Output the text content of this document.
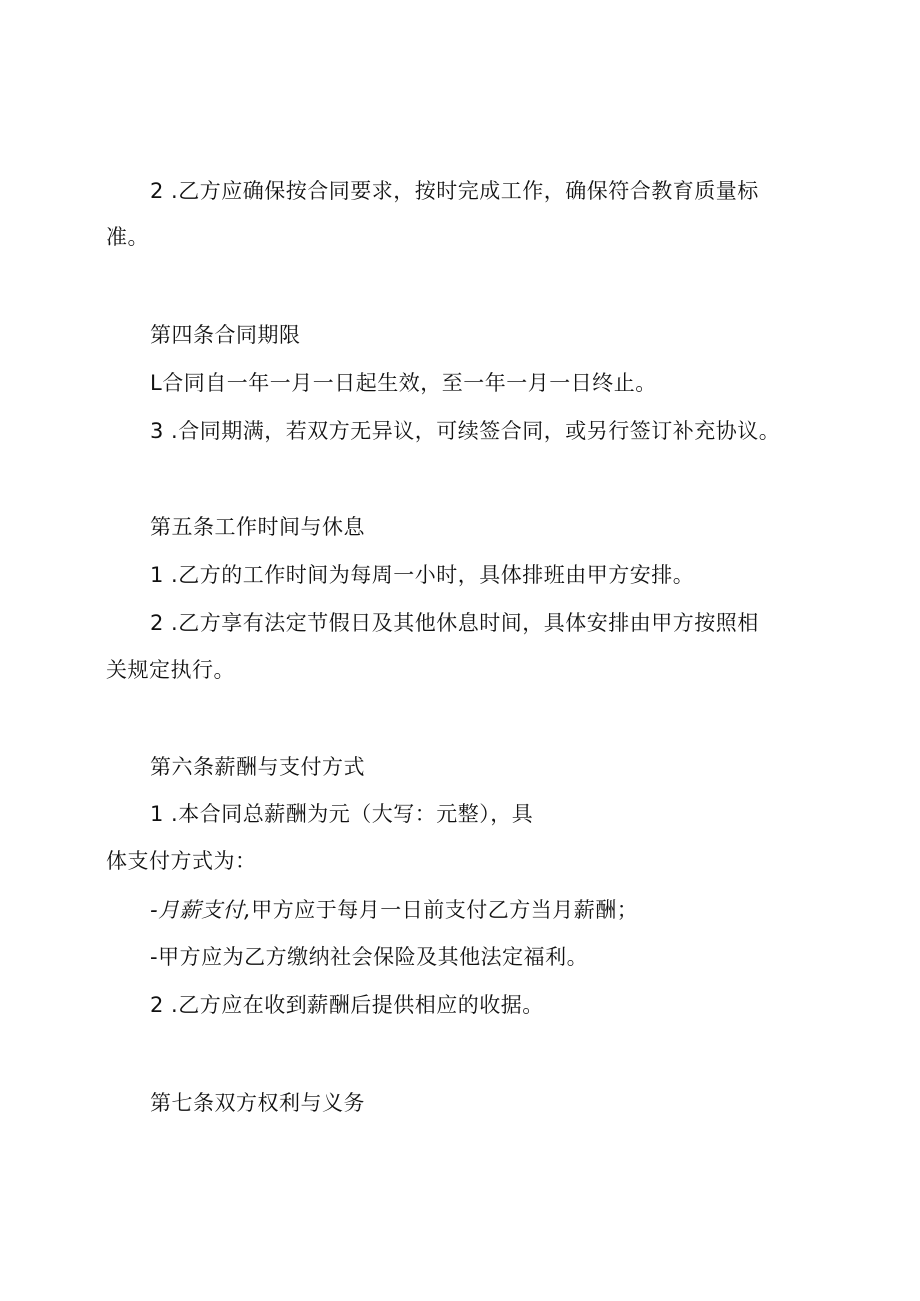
2 .乙方应确保按合同要求，按时完成工作，确保符合教育质量标
准。
第四条合同期限
L合同自一年一月一日起生效，至一年一月一日终止。
3 .合同期满，若双方无异议，可续签合同，或另行签订补充协议。
第五条工作时间与休息
1 .乙方的工作时间为每周一小时，具体排班由甲方安排。
2 .乙方享有法定节假日及其他休息时间，具体安排由甲方按照相
关规定执行。
第六条薪酬与支付方式
1 .本合同总薪酬为元（大写：元整），具
体支付方式为：
-月薪支付,甲方应于每月一日前支付乙方当月薪酬；
-甲方应为乙方缴纳社会保险及其他法定福利。
2 .乙方应在收到薪酬后提供相应的收据。
第七条双方权利与义务
